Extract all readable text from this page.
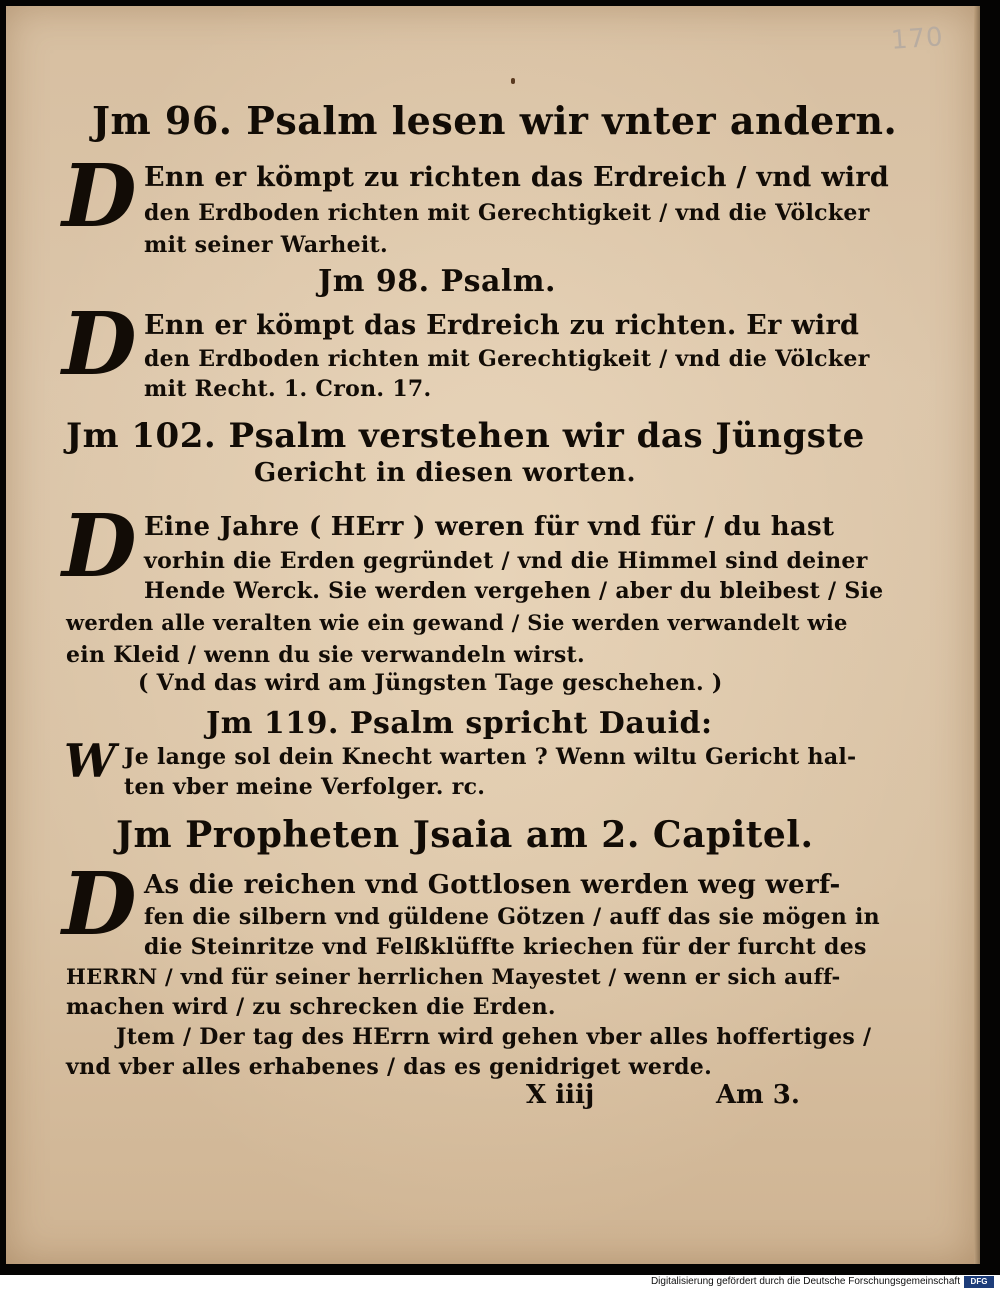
170
Jm 96. Psalm lesen wir vnter andern.
D Enn er kömpt zu richten das Erdreich / vnd wird
den Erdboden richten mit Gerechtigkeit / vnd die Völcker
mit seiner Warheit.
Jm 98. Psalm.
D Enn er kömpt das Erdreich zu richten. Er wird
den Erdboden richten mit Gerechtigkeit / vnd die Völcker
mit Recht. 1. Cron. 17.
Jm 102. Psalm verstehen wir das Jüngste
Gericht in diesen worten.
D Eine Jahre ( HErr ) weren für vnd für / du hast
vorhin die Erden gegründet / vnd die Himmel sind deiner
Hende Werck. Sie werden vergehen / aber du bleibest / Sie
werden alle veralten wie ein gewand / Sie werden verwandelt wie
ein Kleid / wenn du sie verwandeln wirst.
( Vnd das wird am Jüngsten Tage geschehen. )
Jm 119. Psalm spricht Dauid:
W Je lange sol dein Knecht warten ? Wenn wiltu Gericht hal-
ten vber meine Verfolger. rc.
Jm Propheten Jsaia am 2. Capitel.
D As die reichen vnd Gottlosen werden weg werf-
fen die silbern vnd güldene Götzen / auff das sie mögen in
die Steinritze vnd Felßklüffte kriechen für der furcht des
HERRN / vnd für seiner herrlichen Mayestet / wenn er sich auff-
machen wird / zu schrecken die Erden.
Jtem / Der tag des HErrn wird gehen vber alles hoffertiges /
vnd vber alles erhabenes / das es genidriget werde.
X iiij	Am 3.
Digitalisierung gefördert durch die Deutsche Forschungsgemeinschaft	DFG
